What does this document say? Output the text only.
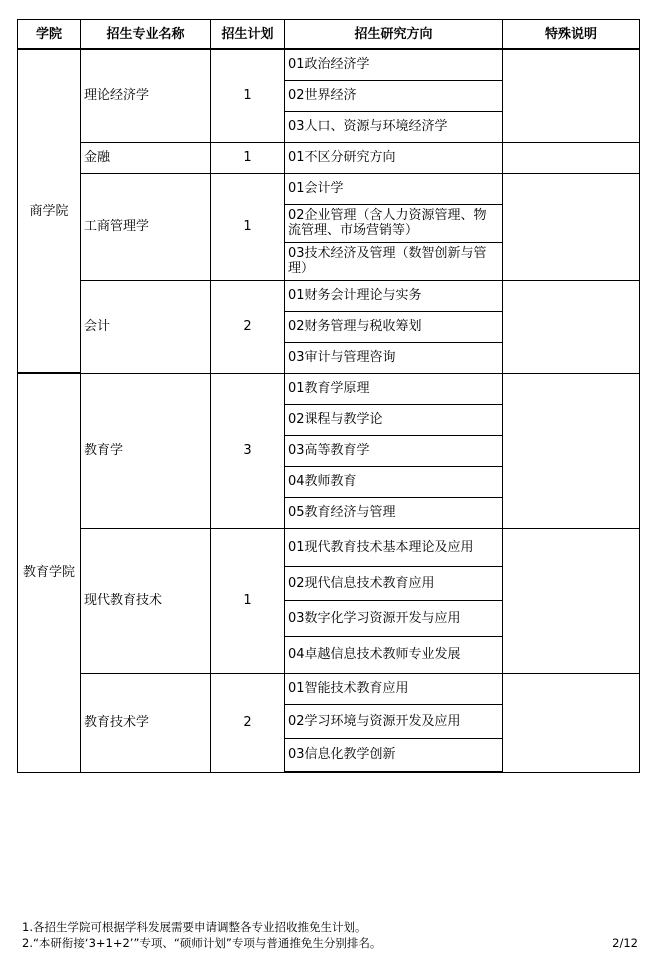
学院	招生专业名称	招生计划	招生研究方向	特殊说明
商学院	理论经济学	1	01政治经济学	
			02世界经济	
			03人口、资源与环境经济学	
	金融	1	01不区分研究方向	
	工商管理学	1	01会计学	
			02企业管理（含人力资源管理、物流管理、市场营销等）	
			03技术经济及管理（数智创新与管理）	
	会计	2	01财务会计理论与实务	
			02财务管理与税收筹划	
			03审计与管理咨询	
教育学院	教育学	3	01教育学原理	
			02课程与教学论	
			03高等教育学	
			04教师教育	
			05教育经济与管理	
	现代教育技术	1	01现代教育技术基本理论及应用	
			02现代信息技术教育应用	
			03数字化学习资源开发与应用	
			04卓越信息技术教师专业发展	
	教育技术学	2	01智能技术教育应用	
			02学习环境与资源开发及应用	
			03信息化教学创新	
1.各招生学院可根据学科发展需要申请调整各专业招收推免生计划。
2.“本研衔接‘3+1+2’”专项、“硕师计划”专项与普通推免生分别排名。	2/12
